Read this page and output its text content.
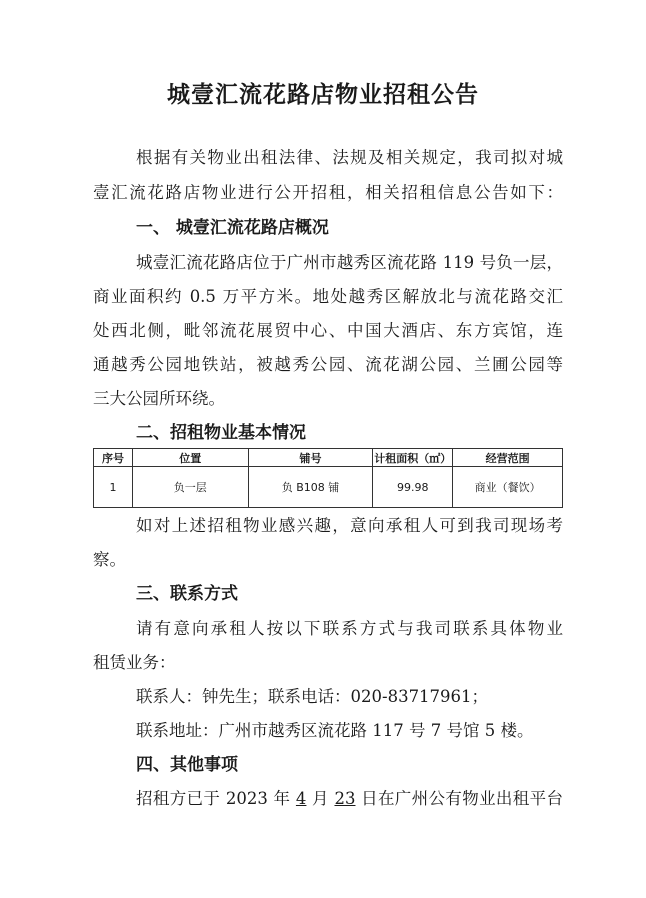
城壹汇流花路店物业招租公告
根据有关物业出租法律、法规及相关规定，我司拟对城
壹汇流花路店物业进行公开招租，相关招租信息公告如下：
一、 城壹汇流花路店概况
城壹汇流花路店位于广州市越秀区流花路 119 号负一层，
商业面积约 0.5 万平方米。地处越秀区解放北与流花路交汇
处西北侧，毗邻流花展贸中心、中国大酒店、东方宾馆，连
通越秀公园地铁站，被越秀公园、流花湖公园、兰圃公园等
三大公园所环绕。
二、招租物业基本情况
序号	位置	铺号	计租面积（㎡）	经营范围
1	负一层	负 B108 铺	99.98	商业（餐饮）
如对上述招租物业感兴趣，意向承租人可到我司现场考
察。
三、联系方式
请有意向承租人按以下联系方式与我司联系具体物业
租赁业务：
联系人：钟先生；联系电话：020-83717961；
联系地址：广州市越秀区流花路 117 号 7 号馆 5 楼。
四、其他事项
招租方已于 2023 年 4 月 23 日在广州公有物业出租平台
